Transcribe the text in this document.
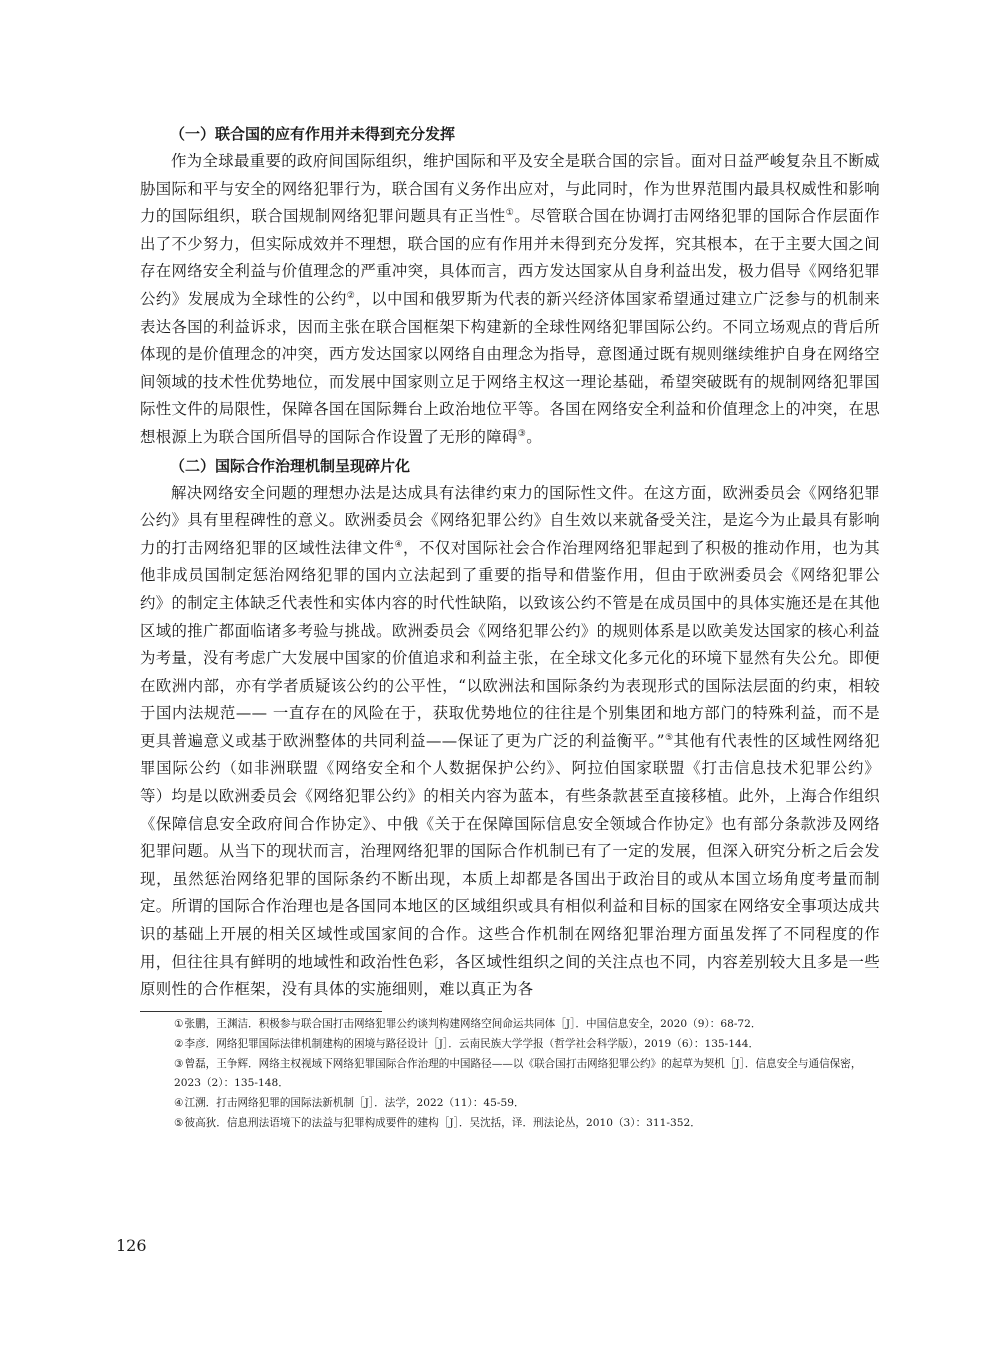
（一）联合国的应有作用并未得到充分发挥

作为全球最重要的政府间国际组织，维护国际和平及安全是联合国的宗旨。面对日益严峻复杂且不断威胁国际和平与安全的网络犯罪行为，联合国有义务作出应对，与此同时，作为世界范围内最具权威性和影响力的国际组织，联合国规制网络犯罪问题具有正当性①。尽管联合国在协调打击网络犯罪的国际合作层面作出了不少努力，但实际成效并不理想，联合国的应有作用并未得到充分发挥，究其根本，在于主要大国之间存在网络安全利益与价值理念的严重冲突，具体而言，西方发达国家从自身利益出发，极力倡导《网络犯罪公约》发展成为全球性的公约②，以中国和俄罗斯为代表的新兴经济体国家希望通过建立广泛参与的机制来表达各国的利益诉求，因而主张在联合国框架下构建新的全球性网络犯罪国际公约。不同立场观点的背后所体现的是价值理念的冲突，西方发达国家以网络自由理念为指导，意图通过既有规则继续维护自身在网络空间领域的技术性优势地位，而发展中国家则立足于网络主权这一理论基础，希望突破既有的规制网络犯罪国际性文件的局限性，保障各国在国际舞台上政治地位平等。各国在网络安全利益和价值理念上的冲突，在思想根源上为联合国所倡导的国际合作设置了无形的障碍③。

（二）国际合作治理机制呈现碎片化

解决网络安全问题的理想办法是达成具有法律约束力的国际性文件。在这方面，欧洲委员会《网络犯罪公约》具有里程碑性的意义。欧洲委员会《网络犯罪公约》自生效以来就备受关注，是迄今为止最具有影响力的打击网络犯罪的区域性法律文件④，不仅对国际社会合作治理网络犯罪起到了积极的推动作用，也为其他非成员国制定惩治网络犯罪的国内立法起到了重要的指导和借鉴作用，但由于欧洲委员会《网络犯罪公约》的制定主体缺乏代表性和实体内容的时代性缺陷，以致该公约不管是在成员国中的具体实施还是在其他区域的推广都面临诸多考验与挑战。欧洲委员会《网络犯罪公约》的规则体系是以欧美发达国家的核心利益为考量，没有考虑广大发展中国家的价值追求和利益主张，在全球文化多元化的环境下显然有失公允。即便在欧洲内部，亦有学者质疑该公约的公平性，“以欧洲法和国际条约为表现形式的国际法层面的约束，相较于国内法规范—— 一直存在的风险在于，获取优势地位的往往是个别集团和地方部门的特殊利益，而不是更具普遍意义或基于欧洲整体的共同利益——保证了更为广泛的利益衡平。”⑤其他有代表性的区域性网络犯罪国际公约（如非洲联盟《网络安全和个人数据保护公约》、阿拉伯国家联盟《打击信息技术犯罪公约》等）均是以欧洲委员会《网络犯罪公约》的相关内容为蓝本，有些条款甚至直接移植。此外，上海合作组织《保障信息安全政府间合作协定》、中俄《关于在保障国际信息安全领域合作协定》也有部分条款涉及网络犯罪问题。从当下的现状而言，治理网络犯罪的国际合作机制已有了一定的发展，但深入研究分析之后会发现，虽然惩治网络犯罪的国际条约不断出现，本质上却都是各国出于政治目的或从本国立场角度考量而制定。所谓的国际合作治理也是各国同本地区的区域组织或具有相似利益和目标的国家在网络安全事项达成共识的基础上开展的相关区域性或国家间的合作。这些合作机制在网络犯罪治理方面虽发挥了不同程度的作用，但往往具有鲜明的地域性和政治性色彩，各区域性组织之间的关注点也不同，内容差别较大且多是一些原则性的合作框架，没有具体的实施细则，难以真正为各

①张鹏，王渊洁．积极参与联合国打击网络犯罪公约谈判构建网络空间命运共同体［J］．中国信息安全，2020（9）：68-72．

②李彦．网络犯罪国际法律机制建构的困境与路径设计［J］．云南民族大学学报（哲学社会科学版），2019（6）：135-144．

③曾磊，王争辉．网络主权视域下网络犯罪国际合作治理的中国路径——以《联合国打击网络犯罪公约》的起草为契机［J］．信息安全与通信保密，2023（2）：135-148．

④江溯．打击网络犯罪的国际法新机制［J］．法学，2022（11）：45-59．

⑤彼高狄．信息刑法语境下的法益与犯罪构成要件的建构［J］．吴沈括，译．刑法论丛，2010（3）：311-352．

126
